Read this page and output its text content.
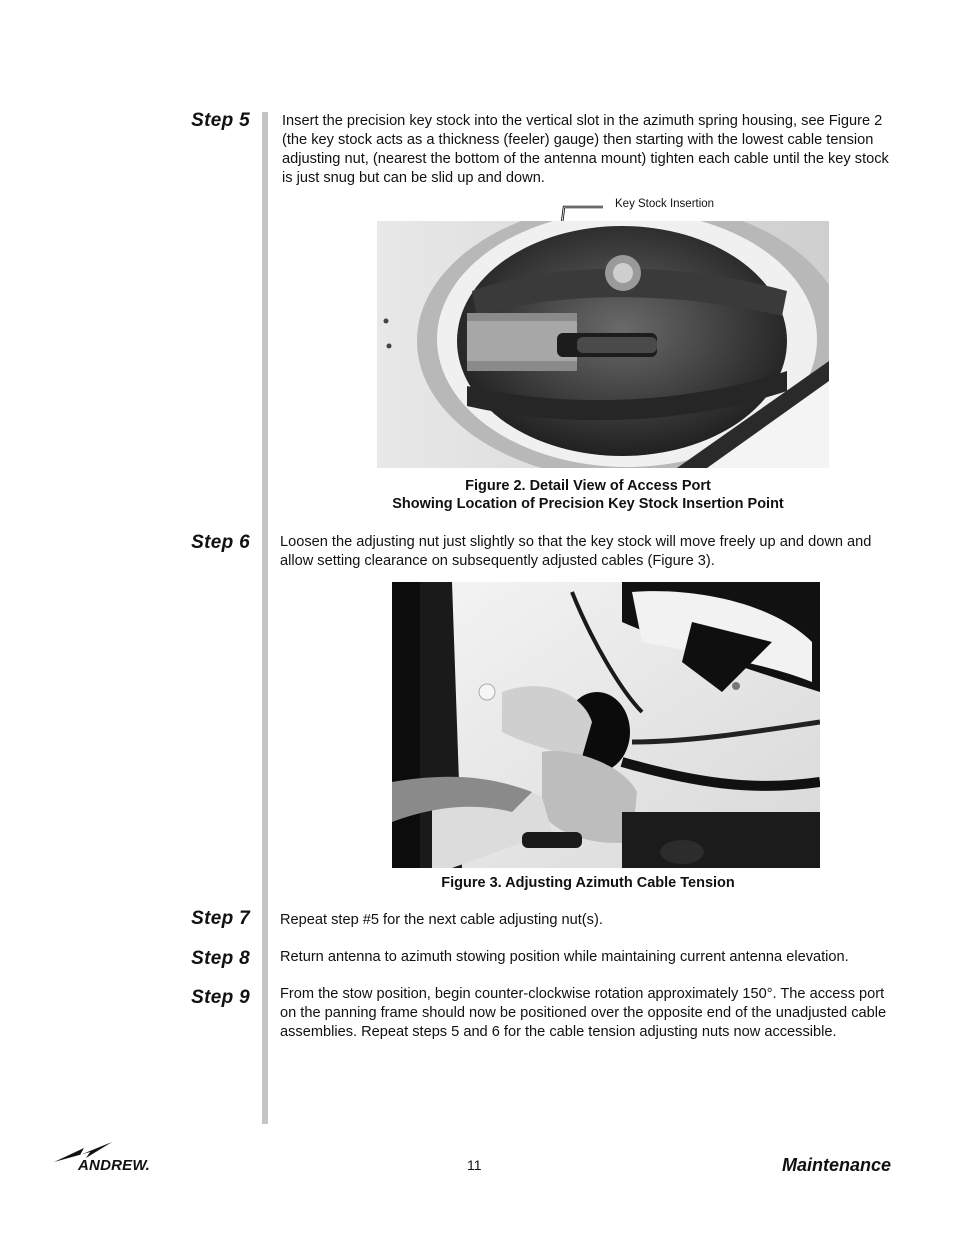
Step 5 Insert the precision key stock into the vertical slot in the azimuth spring housing, see Figure 2 (the key stock acts as a thickness (feeler) gauge) then starting with the lowest cable tension adjusting nut, (nearest the bottom of the antenna mount) tighten each cable until the key stock is just snug but can be slid up and down.
Key Stock Insertion
Figure 2. Detail View of Access Port
Showing Location of Precision Key Stock Insertion Point
Step 6 Loosen the adjusting nut just slightly so that the key stock will move freely up and down and allow setting clearance on subsequently adjusted cables (Figure 3).
Figure 3. Adjusting Azimuth Cable Tension
Step 7 Repeat step #5 for the next cable adjusting nut(s).
Step 8 Return antenna to azimuth stowing position while maintaining current antenna elevation.
Step 9 From the stow position, begin counter-clockwise rotation approximately 150°. The access port on the panning frame should now be positioned over the opposite end of the unadjusted cable assemblies. Repeat steps 5 and 6 for the cable tension adjusting nuts now accessible.
ANDREW.	11	Maintenance
